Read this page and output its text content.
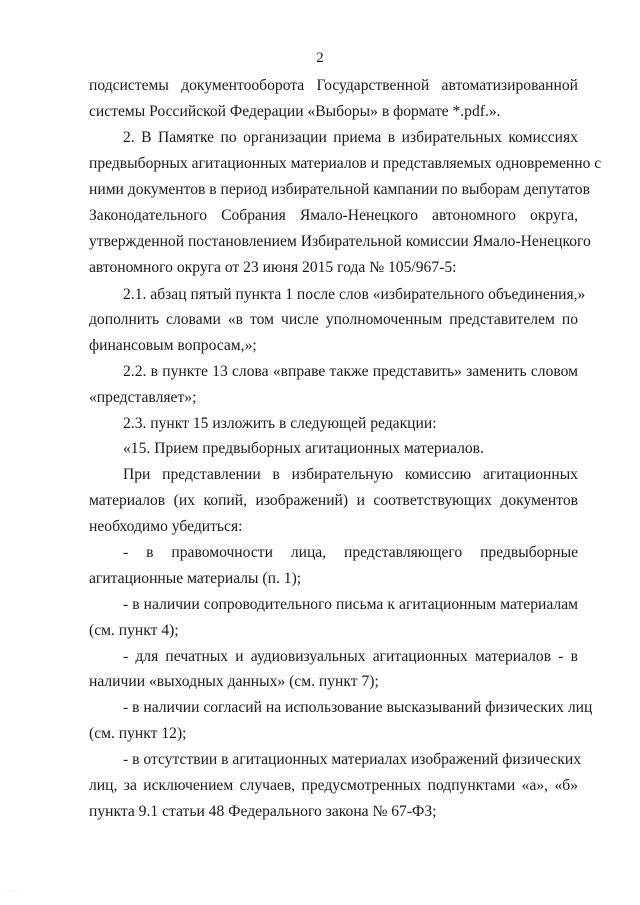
2
подсистемы документооборота Государственной автоматизированной
системы Российской Федерации «Выборы» в формате *.pdf.».
2. В Памятке по организации приема в избирательных комиссиях
предвыборных агитационных материалов и представляемых одновременно с
ними документов в период избирательной кампании по выборам депутатов
Законодательного Собрания Ямало-Ненецкого автономного округа,
утвержденной постановлением Избирательной комиссии Ямало-Ненецкого
автономного округа от 23 июня 2015 года № 105/967-5:
2.1. абзац пятый пункта 1 после слов «избирательного объединения,»
дополнить словами «в том числе уполномоченным представителем по
финансовым вопросам,»;
2.2. в пункте 13 слова «вправе также представить» заменить словом
«представляет»;
2.3. пункт 15 изложить в следующей редакции:
«15. Прием предвыборных агитационных материалов.
При представлении в избирательную комиссию агитационных
материалов (их копий, изображений) и соответствующих документов
необходимо убедиться:
- в правомочности лица, представляющего предвыборные
агитационные материалы (п. 1);
- в наличии сопроводительного письма к агитационным материалам
(см. пункт 4);
- для печатных и аудиовизуальных агитационных материалов - в
наличии «выходных данных» (см. пункт 7);
- в наличии согласий на использование высказываний физических лиц
(см. пункт 12);
- в отсутствии в агитационных материалах изображений физических
лиц, за исключением случаев, предусмотренных подпунктами «а», «б»
пункта 9.1 статьи 48 Федерального закона № 67-ФЗ;
········
